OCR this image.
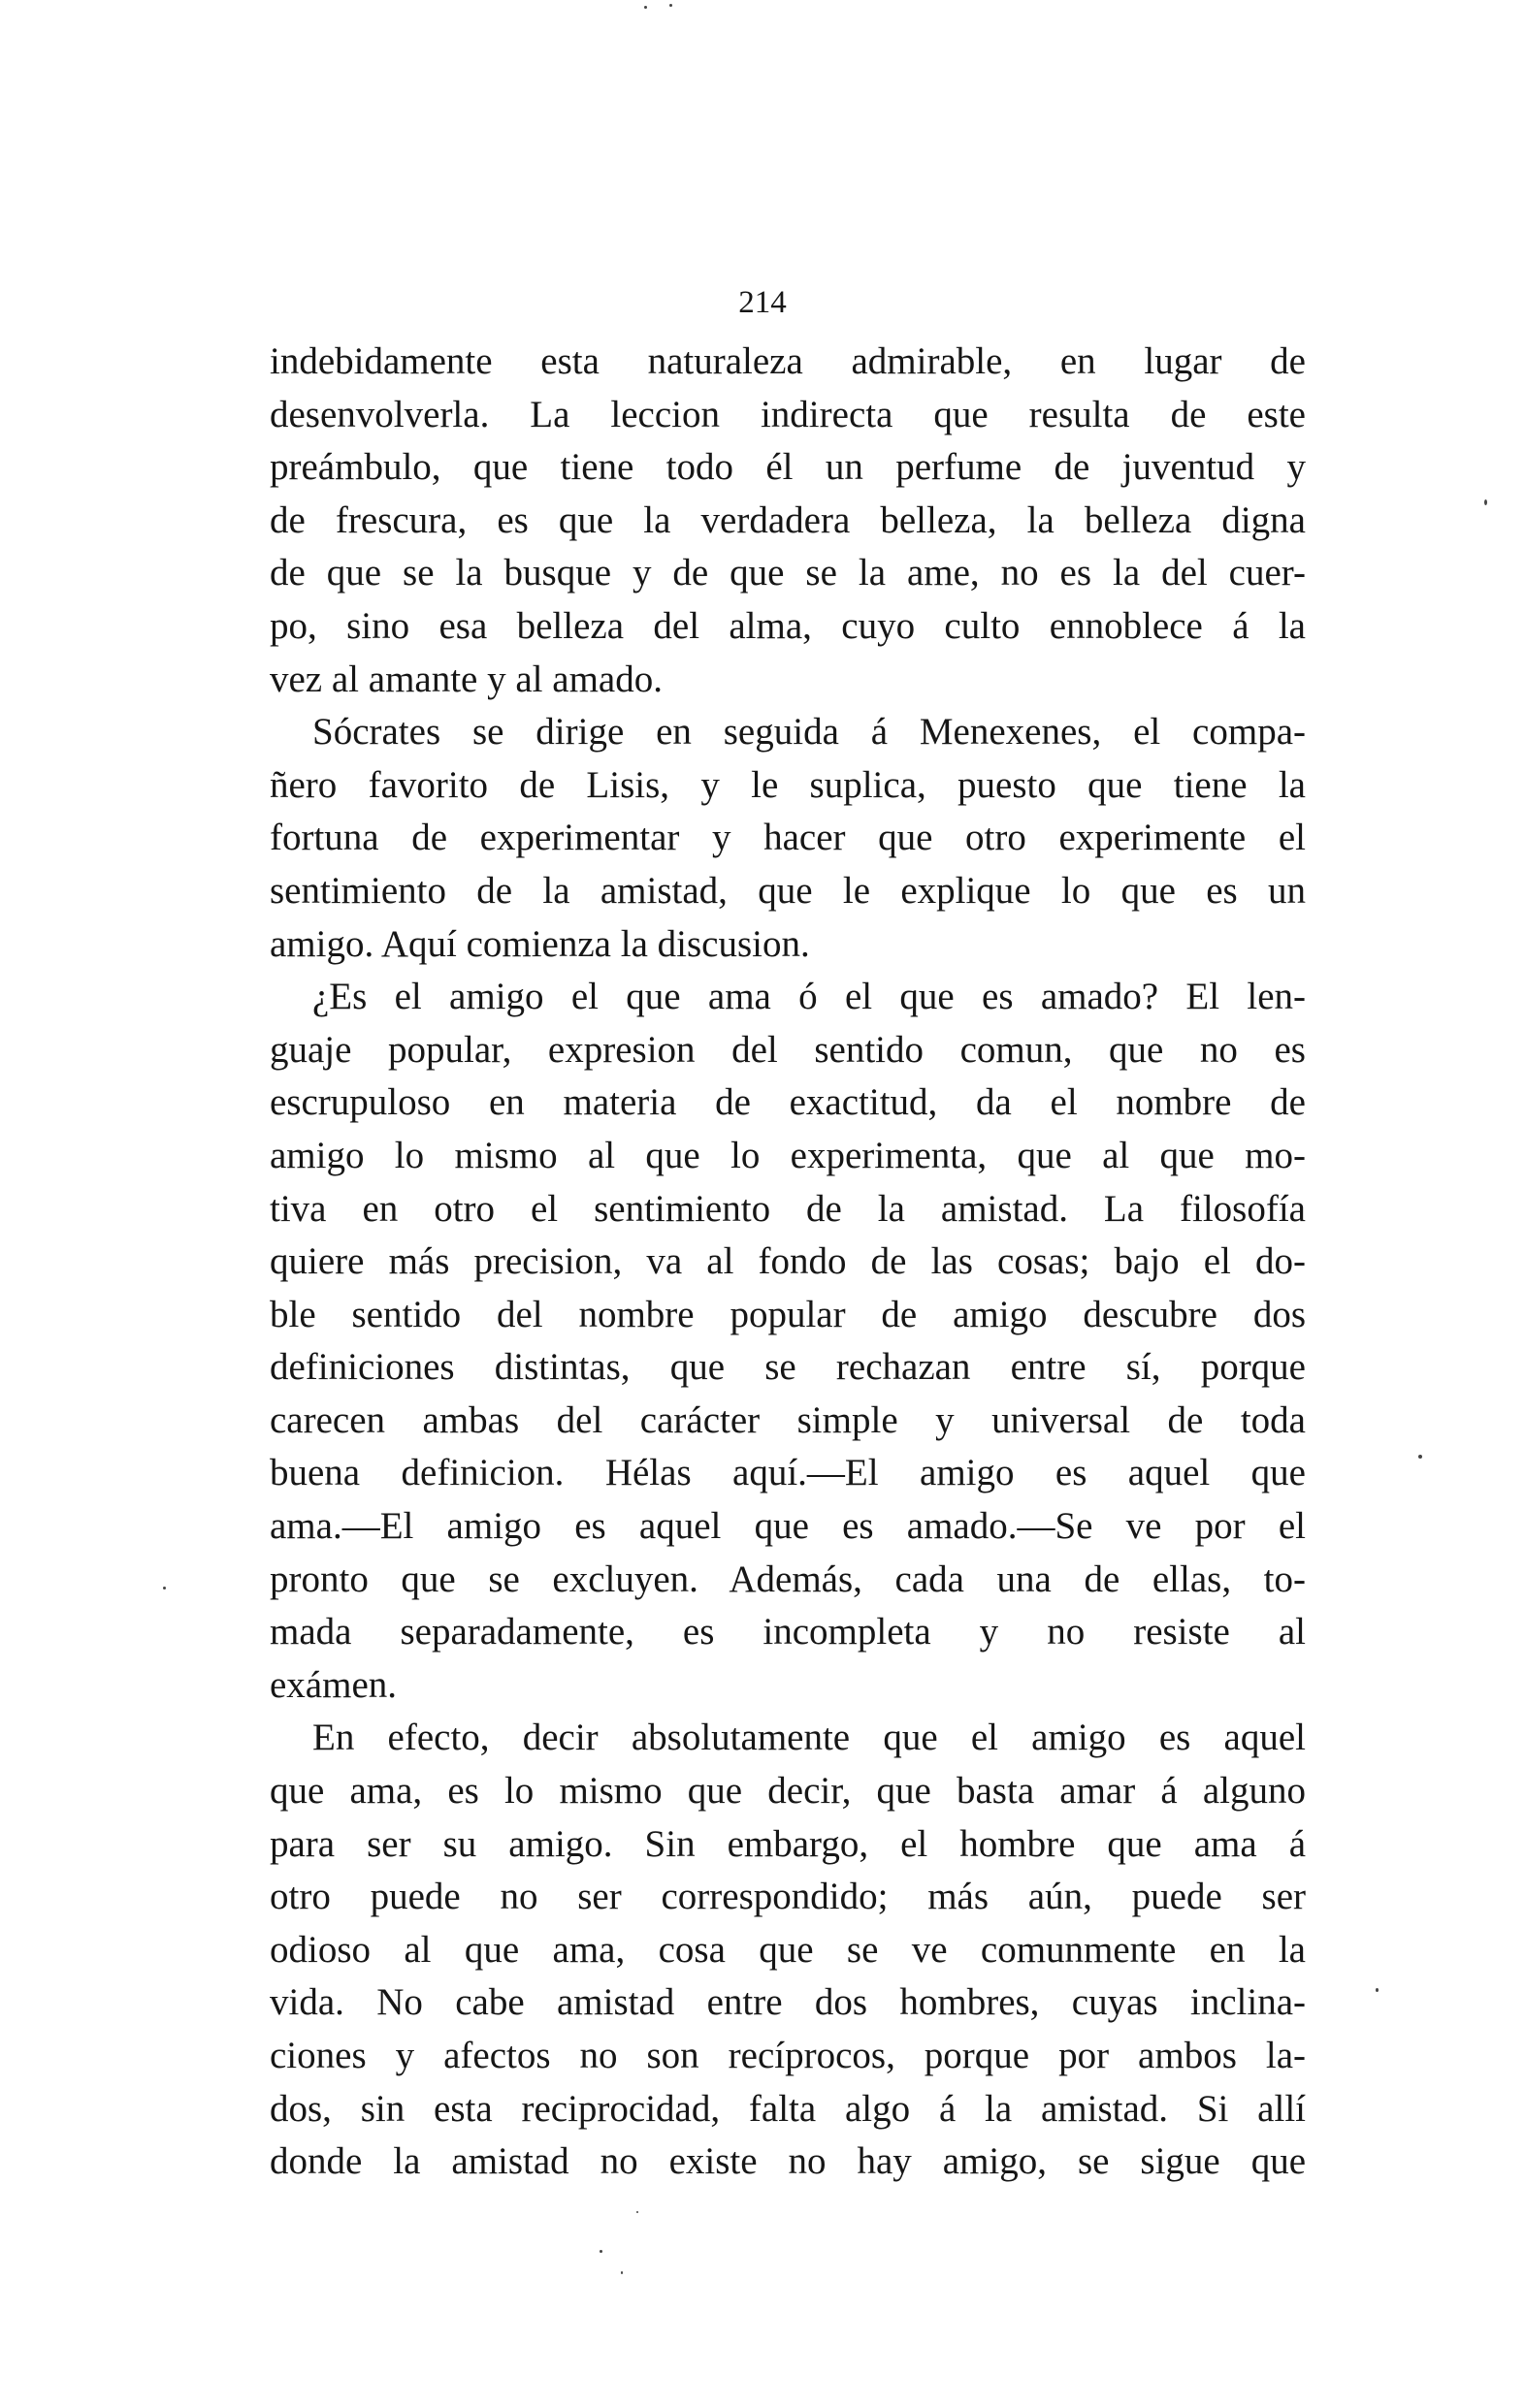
214
indebidamente esta naturaleza admirable, en lugar de
desenvolverla. La leccion indirecta que resulta de este
preámbulo, que tiene todo él un perfume de juventud y
de frescura, es que la verdadera belleza, la belleza digna
de que se la busque y de que se la ame, no es la del cuer-
po, sino esa belleza del alma, cuyo culto ennoblece á la
vez al amante y al amado.
Sócrates se dirige en seguida á Menexenes, el compa-
ñero favorito de Lisis, y le suplica, puesto que tiene la
fortuna de experimentar y hacer que otro experimente el
sentimiento de la amistad, que le explique lo que es un
amigo. Aquí comienza la discusion.
¿Es el amigo el que ama ó el que es amado? El len-
guaje popular, expresion del sentido comun, que no es
escrupuloso en materia de exactitud, da el nombre de
amigo lo mismo al que lo experimenta, que al que mo-
tiva en otro el sentimiento de la amistad. La filosofía
quiere más precision, va al fondo de las cosas; bajo el do-
ble sentido del nombre popular de amigo descubre dos
definiciones distintas, que se rechazan entre sí, porque
carecen ambas del carácter simple y universal de toda
buena definicion. Hélas aquí.—El amigo es aquel que
ama.—El amigo es aquel que es amado.—Se ve por el
pronto que se excluyen. Además, cada una de ellas, to-
mada separadamente, es incompleta y no resiste al
exámen.
En efecto, decir absolutamente que el amigo es aquel
que ama, es lo mismo que decir, que basta amar á alguno
para ser su amigo. Sin embargo, el hombre que ama á
otro puede no ser correspondido; más aún, puede ser
odioso al que ama, cosa que se ve comunmente en la
vida. No cabe amistad entre dos hombres, cuyas inclina-
ciones y afectos no son recíprocos, porque por ambos la-
dos, sin esta reciprocidad, falta algo á la amistad. Si allí
donde la amistad no existe no hay amigo, se sigue que
